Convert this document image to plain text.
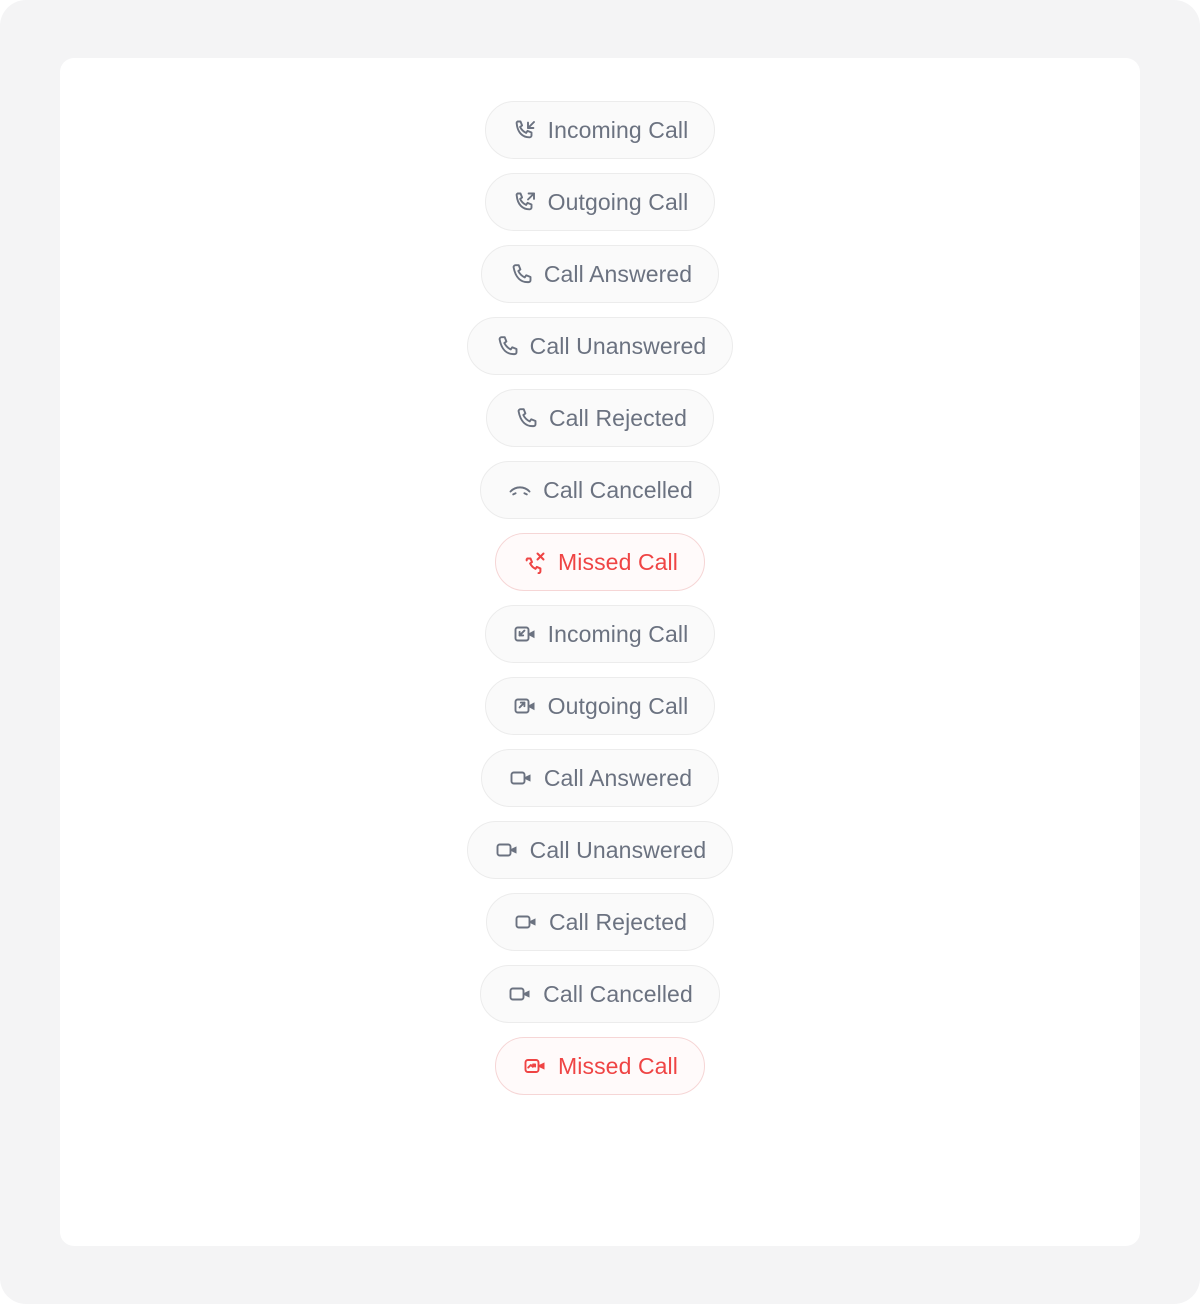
Incoming Call
Outgoing Call
Call Answered
Call Unanswered
Call Rejected
Call Cancelled
Missed Call
Incoming Call
Outgoing Call
Call Answered
Call Unanswered
Call Rejected
Call Cancelled
Missed Call
